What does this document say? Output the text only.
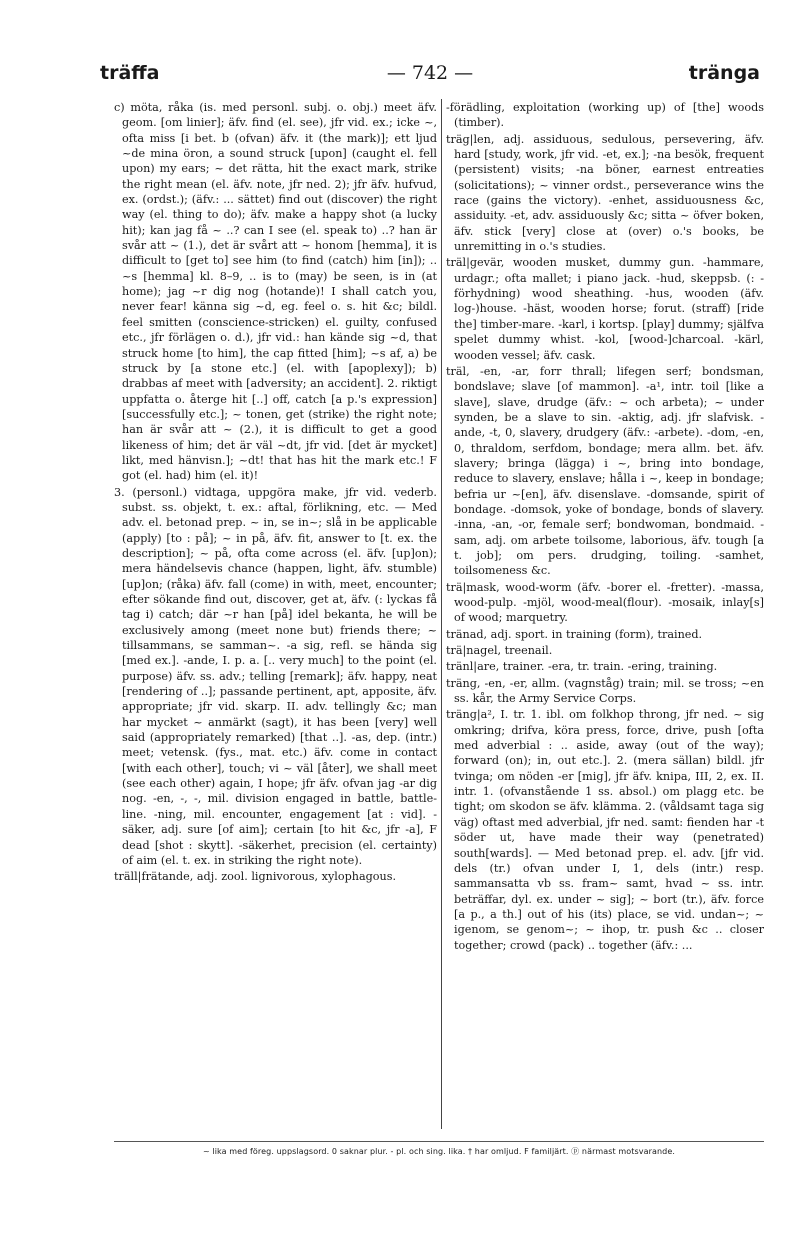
träffa	— 742 —	tränga

c) möta, råka (is. med personl. subj. o. obj.) meet äfv. geom. [om linier]; äfv. find (el. see), jfr vid. ex.; icke ~, ofta miss [i bet. b (ofvan) äfv. it (the mark)]; ett ljud ~de mina öron, a sound struck [upon] (caught el. fell upon) my ears; ~ det rätta, hit the exact mark, strike the right mean (el. äfv. note, jfr ned. 2); jfr äfv. hufvud, ex. (ordst.); (äfv.: ... sättet) find out (discover) the right way (el. thing to do); äfv. make a happy shot (a lucky hit); kan jag få ~ ..? can I see (el. speak to) ..? han är svår att ~ (1.), det är svårt att ~ honom [hemma], it is difficult to [get to] see him (to find (catch) him [in]); .. ~s [hemma] kl. 8–9, .. is to (may) be seen, is in (at home); jag ~r dig nog (hotande)! I shall catch you, never fear! känna sig ~d, eg. feel o. s. hit &c; bildl. feel smitten (conscience-stricken) el. guilty, confused etc., jfr förlägen o. d.), jfr vid.: han kände sig ~d, that struck home [to him], the cap fitted [him]; ~s af, a) be struck by [a stone etc.] (el. with [apoplexy]); b) drabbas af meet with [adversity; an accident]. 2. riktigt uppfatta o. återge hit [..] off, catch [a p.'s expression] [successfully etc.]; ~ tonen, get (strike) the right note; han är svår att ~ (2.), it is difficult to get a good likeness of him; det är väl ~dt, jfr vid. [det är mycket] likt, med hänvisn.]; ~dt! that has hit the mark etc.! F got (el. had) him (el. it)!

3. (personl.) vidtaga, uppgöra make, jfr vid. vederb. subst. ss. objekt, t. ex.: aftal, förlikning, etc. — Med adv. el. betonad prep. ~ in, se in~; slå in be applicable (apply) [to : på]; ~ in på, äfv. fit, answer to [t. ex. the description]; ~ på, ofta come across (el. äfv. [up]on); mera händelsevis chance (happen, light, äfv. stumble) [up]on; (råka) äfv. fall (come) in with, meet, encounter; efter sökande find out, discover, get at, äfv. (: lyckas få tag i) catch; där ~r han [på] idel bekanta, he will be exclusively among (meet none but) friends there; ~ tillsammans, se samman~. -a sig, refl. se hända sig [med ex.]. -ande, I. p. a. [.. very much] to the point (el. purpose) äfv. ss. adv.; telling [remark]; äfv. happy, neat [rendering of ..]; passande pertinent, apt, apposite, äfv. appropriate; jfr vid. skarp. II. adv. tellingly &c; man har mycket ~ anmärkt (sagt), it has been [very] well said (appropriately remarked) [that ..]. -as, dep. (intr.) meet; vetensk. (fys., mat. etc.) äfv. come in contact [with each other], touch; vi ~ väl [åter], we shall meet (see each other) again, I hope; jfr äfv. ofvan jag -ar dig nog. -en, -, -, mil. division engaged in battle, battle-line. -ning, mil. encounter, engagement [at : vid]. -säker, adj. sure [of aim]; certain [to hit &c, jfr -a], F dead [shot : skytt]. -säkerhet, precision (el. certainty) of aim (el. t. ex. in striking the right note).

träll|frätande, adj. zool. lignivorous, xylophagous.

-förädling, exploitation (working up) of [the] woods (timber).

träg|len, adj. assiduous, sedulous, persevering, äfv. hard [study, work, jfr vid. -et, ex.]; -na besök, frequent (persistent) visits; -na böner, earnest entreaties (solicitations); ~ vinner ordst., perseverance wins the race (gains the victory). -enhet, assiduousness &c, assiduity. -et, adv. assiduously &c; sitta ~ öfver boken, äfv. stick [very] close at (over) o.'s books, be unremitting in o.'s studies.

träl|gevär, wooden musket, dummy gun. -hammare, urdagr.; ofta mallet; i piano jack. -hud, skeppsb. (: -förhydning) wood sheathing. -hus, wooden (äfv. log-)house. -häst, wooden horse; forut. (straff) [ride the] timber-mare. -karl, i kortsp. [play] dummy; själfva spelet dummy whist. -kol, [wood-]charcoal. -kärl, wooden vessel; äfv. cask.

träl, -en, -ar, forr thrall; lifegen serf; bondsman, bondslave; slave [of mammon]. -a¹, intr. toil [like a slave], slave, drudge (äfv.: ~ och arbeta); ~ under synden, be a slave to sin. -aktig, adj. jfr slafvisk. -ande, -t, 0, slavery, drudgery (äfv.: -arbete). -dom, -en, 0, thraldom, serfdom, bondage; mera allm. bet. äfv. slavery; bringa (lägga) i ~, bring into bondage, reduce to slavery, enslave; hålla i ~, keep in bondage; befria ur ~[en], äfv. disenslave. -domsande, spirit of bondage. -domsok, yoke of bondage, bonds of slavery. -inna, -an, -or, female serf; bondwoman, bondmaid. -sam, adj. om arbete toilsome, laborious, äfv. tough [a t. job]; om pers. drudging, toiling. -samhet, toilsomeness &c.

trä|mask, wood-worm (äfv. -borer el. -fretter). -massa, wood-pulp. -mjöl, wood-meal(flour). -mosaik, inlay[s] of wood; marquetry.

tränad, adj. sport. in training (form), trained.

trä|nagel, treenail.

tränl|are, trainer. -era, tr. train. -ering, training.

träng, -en, -er, allm. (vagnståg) train; mil. se tross; ~en ss. kår, the Army Service Corps.

träng|a², I. tr. 1. ibl. om folkhop throng, jfr ned. ~ sig omkring; drifva, köra press, force, drive, push [ofta med adverbial : .. aside, away (out of the way); forward (on); in, out etc.]. 2. (mera sällan) bildl. jfr tvinga; om nöden -er [mig], jfr äfv. knipa, III, 2, ex. II. intr. 1. (ofvanstående 1 ss. absol.) om plagg etc. be tight; om skodon se äfv. klämma. 2. (våldsamt taga sig väg) oftast med adverbial, jfr ned. samt: fienden har -t söder ut, have made their way (penetrated) south[wards]. — Med betonad prep. el. adv. [jfr vid. dels (tr.) ofvan under I, 1, dels (intr.) resp. sammansatta vb ss. fram~ samt, hvad ~ ss. intr. beträffar, dyl. ex. under ~ sig]; ~ bort (tr.), äfv. force [a p., a th.] out of his (its) place, se vid. undan~; ~ igenom, se genom~; ~ ihop, tr. push &c .. closer together; crowd (pack) .. together (äfv.: ...

~ lika med föreg. uppslagsord. 0 saknar plur. - pl. och sing. lika. † har omljud. F familjärt. ⓟ närmast motsvarande.
